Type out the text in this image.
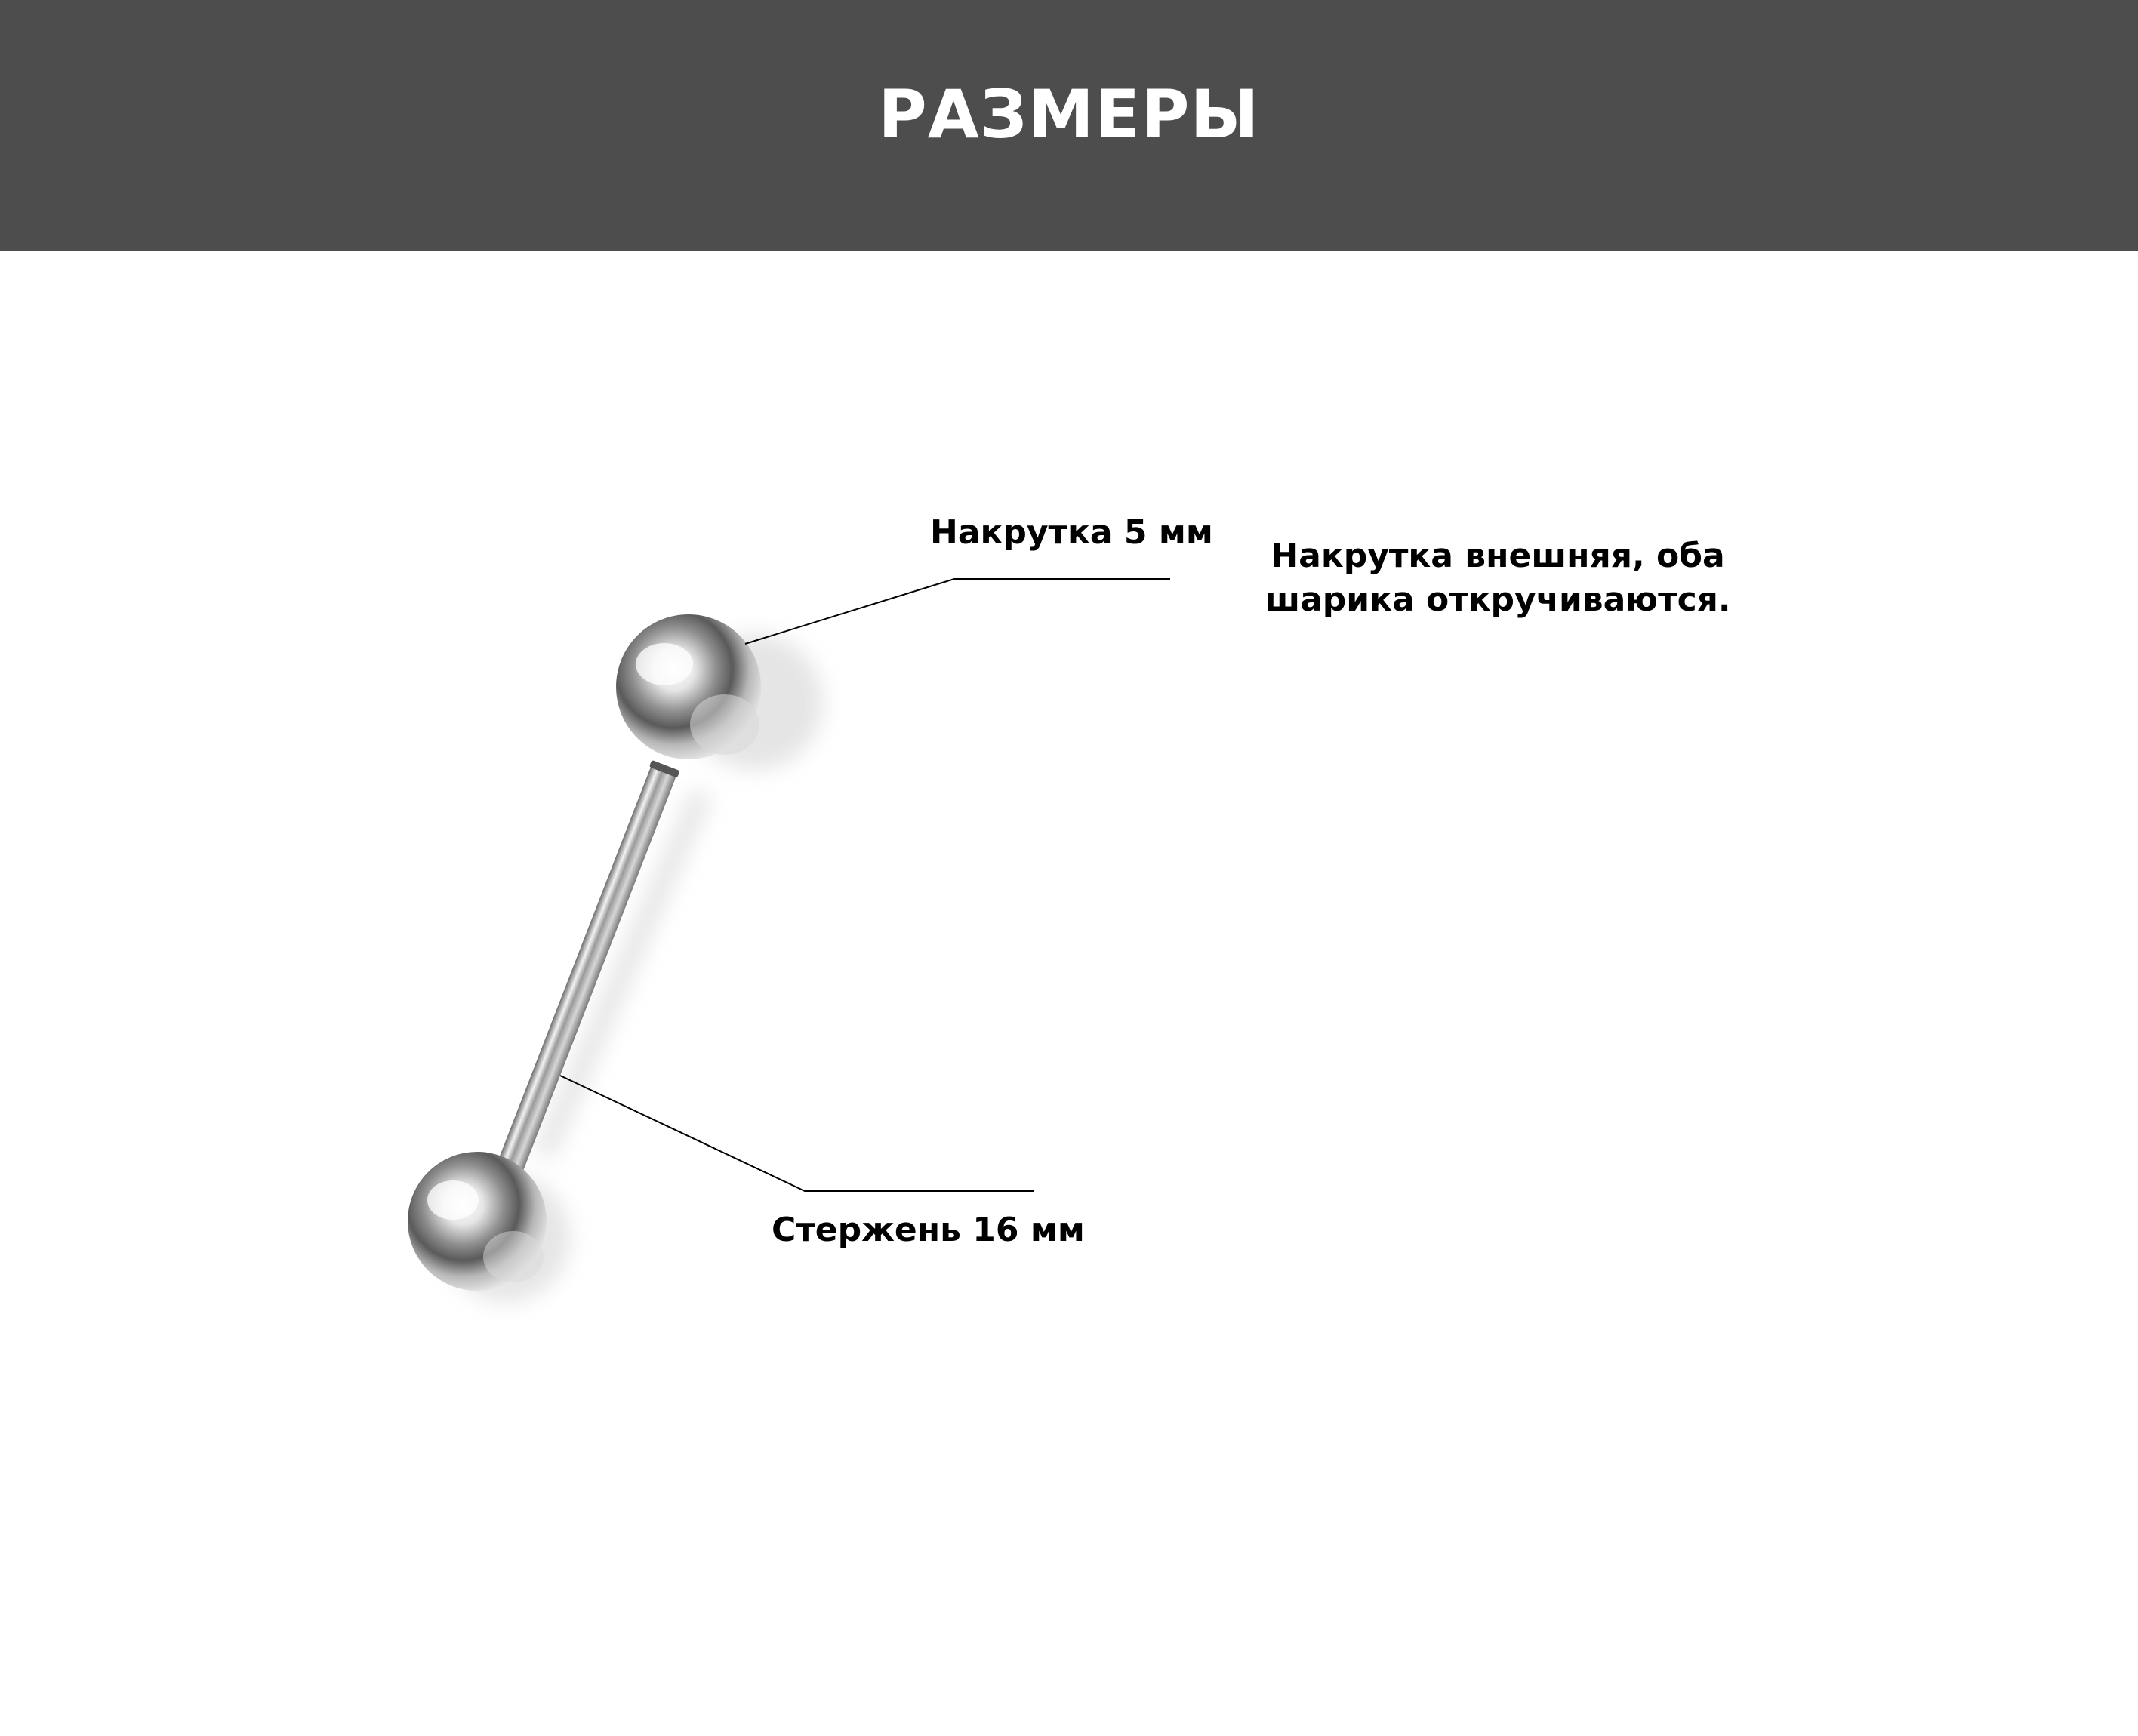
РАЗМЕРЫ
Накрутка 5 мм
Стержень 16 мм
Накрутка внешняя, оба шарика откручиваются.
